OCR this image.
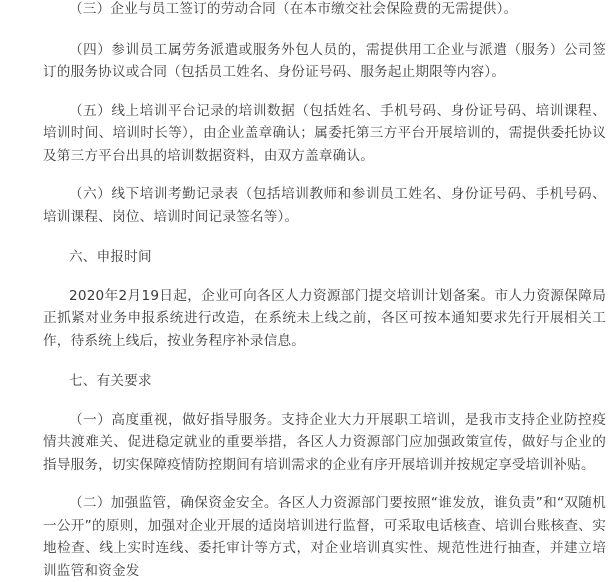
（三）企业与员工签订的劳动合同（在本市缴交社会保险费的无需提供）。

（四）参训员工属劳务派遣或服务外包人员的，需提供用工企业与派遣（服务）公司签订的服务协议或合同（包括员工姓名、身份证号码、服务起止期限等内容）。

（五）线上培训平台记录的培训数据（包括姓名、手机号码、身份证号码、培训课程、培训时间、培训时长等），由企业盖章确认；属委托第三方平台开展培训的，需提供委托协议及第三方平台出具的培训数据资料，由双方盖章确认。

（六）线下培训考勤记录表（包括培训教师和参训员工姓名、身份证号码、手机号码、培训课程、岗位、培训时间记录签名等）。

六、申报时间

2020年2月19日起，企业可向各区人力资源部门提交培训计划备案。市人力资源保障局正抓紧对业务申报系统进行改造，在系统未上线之前，各区可按本通知要求先行开展相关工作，待系统上线后，按业务程序补录信息。

七、有关要求

（一）高度重视，做好指导服务。支持企业大力开展职工培训，是我市支持企业防控疫情共渡难关、促进稳定就业的重要举措，各区人力资源部门应加强政策宣传，做好与企业的指导服务，切实保障疫情防控期间有培训需求的企业有序开展培训并按规定享受培训补贴。

（二）加强监管，确保资金安全。各区人力资源部门要按照“谁发放，谁负责”和“双随机一公开”的原则，加强对企业开展的适岗培训进行监督，可采取电话核查、培训台账核查、实地检查、线上实时连线、委托审计等方式，对企业培训真实性、规范性进行抽查，并建立培训监管和资金发
